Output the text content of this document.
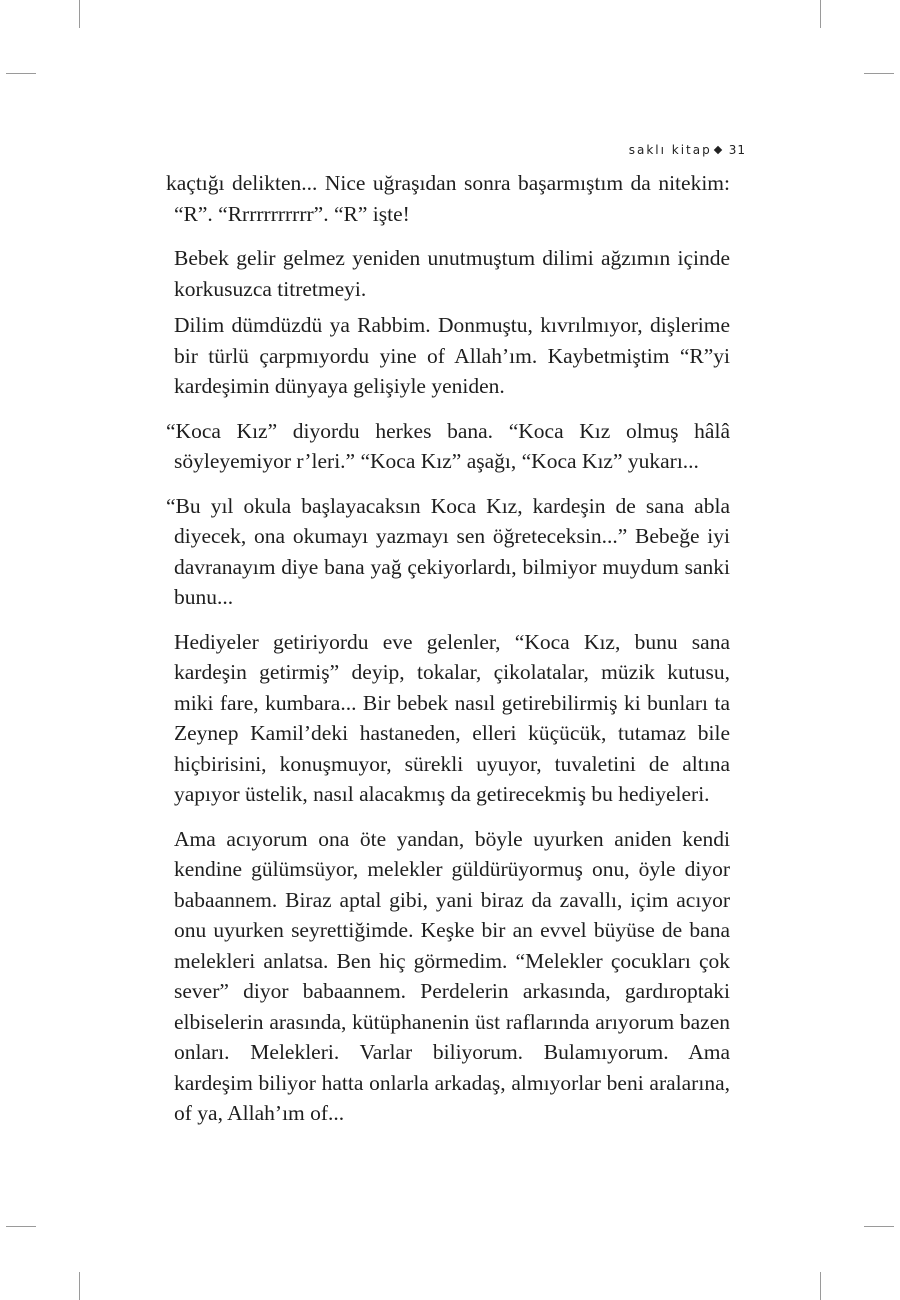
saklı kitap 31

kaçtığı delikten... Nice uğraşıdan sonra başarmıştım da nitekim: “R”. “Rrrrrrrrrrr”. “R” işte!

Bebek gelir gelmez yeniden unutmuştum dilimi ağzımın içinde korkusuzca titretmeyi.

Dilim dümdüzdü ya Rabbim. Donmuştu, kıvrılmıyor, dişlerime bir türlü çarpmıyordu yine of Allah’ım. Kaybetmiştim “R”yi kardeşimin dünyaya gelişiyle yeniden.

“Koca Kız” diyordu herkes bana. “Koca Kız olmuş hâlâ söyleyemiyor r’leri.” “Koca Kız” aşağı, “Koca Kız” yukarı...

“Bu yıl okula başlayacaksın Koca Kız, kardeşin de sana abla diyecek, ona okumayı yazmayı sen öğreteceksin...” Bebeğe iyi davranayım diye bana yağ çekiyorlardı, bilmiyor muydum sanki bunu...

Hediyeler getiriyordu eve gelenler, “Koca Kız, bunu sana kardeşin getirmiş” deyip, tokalar, çikolatalar, müzik kutusu, miki fare, kumbara... Bir bebek nasıl getirebilirmiş ki bunları ta Zeynep Kamil’deki hastaneden, elleri küçücük, tutamaz bile hiçbirisini, konuşmuyor, sürekli uyuyor, tuvaletini de altına yapıyor üstelik, nasıl alacakmış da getirecekmiş bu hediyeleri.

Ama acıyorum ona öte yandan, böyle uyurken aniden kendi kendine gülümsüyor, melekler güldürüyormuş onu, öyle diyor babaannem. Biraz aptal gibi, yani biraz da zavallı, içim acıyor onu uyurken seyrettiğimde. Keşke bir an evvel büyüse de bana melekleri anlatsa. Ben hiç görmedim. “Melekler çocukları çok sever” diyor babaannem. Perdelerin arkasında, gardıroptaki elbiselerin arasında, kütüphanenin üst raflarında arıyorum bazen onları. Melekleri. Varlar biliyorum. Bulamıyorum. Ama kardeşim biliyor hatta onlarla arkadaş, almıyorlar beni aralarına, of ya, Allah’ım of...
